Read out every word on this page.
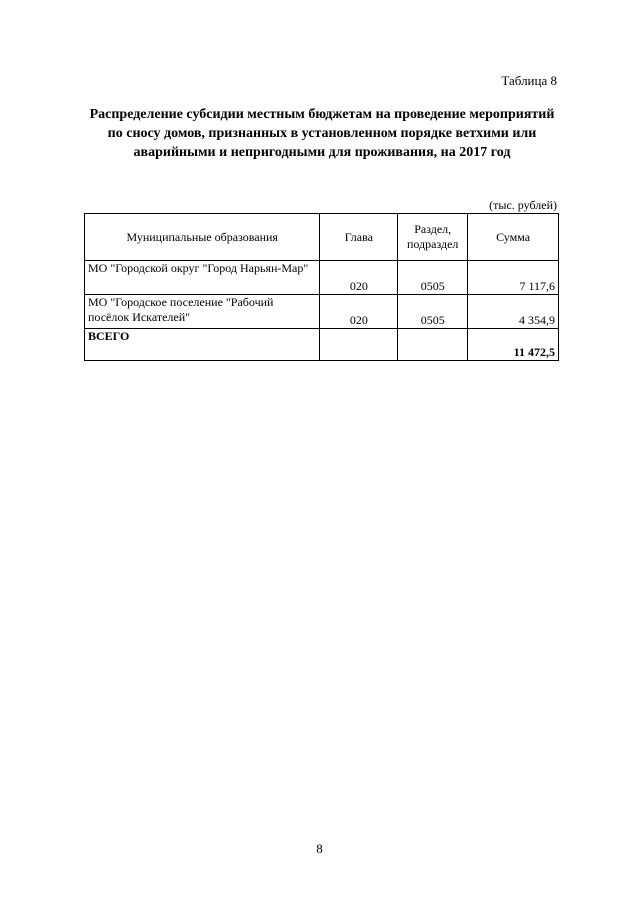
Таблица 8
Распределение субсидии местным бюджетам на проведение мероприятий по сносу домов, признанных в установленном порядке ветхими или аварийными и непригодными для проживания, на 2017 год
(тыс. рублей)
Муниципальные образования	Глава	Раздел, подраздел	Сумма
МО "Городской округ "Город Нарьян-Мар"	020	0505	7 117,6
МО "Городское поселение "Рабочий посёлок Искателей"	020	0505	4 354,9
ВСЕГО			11 472,5
8
